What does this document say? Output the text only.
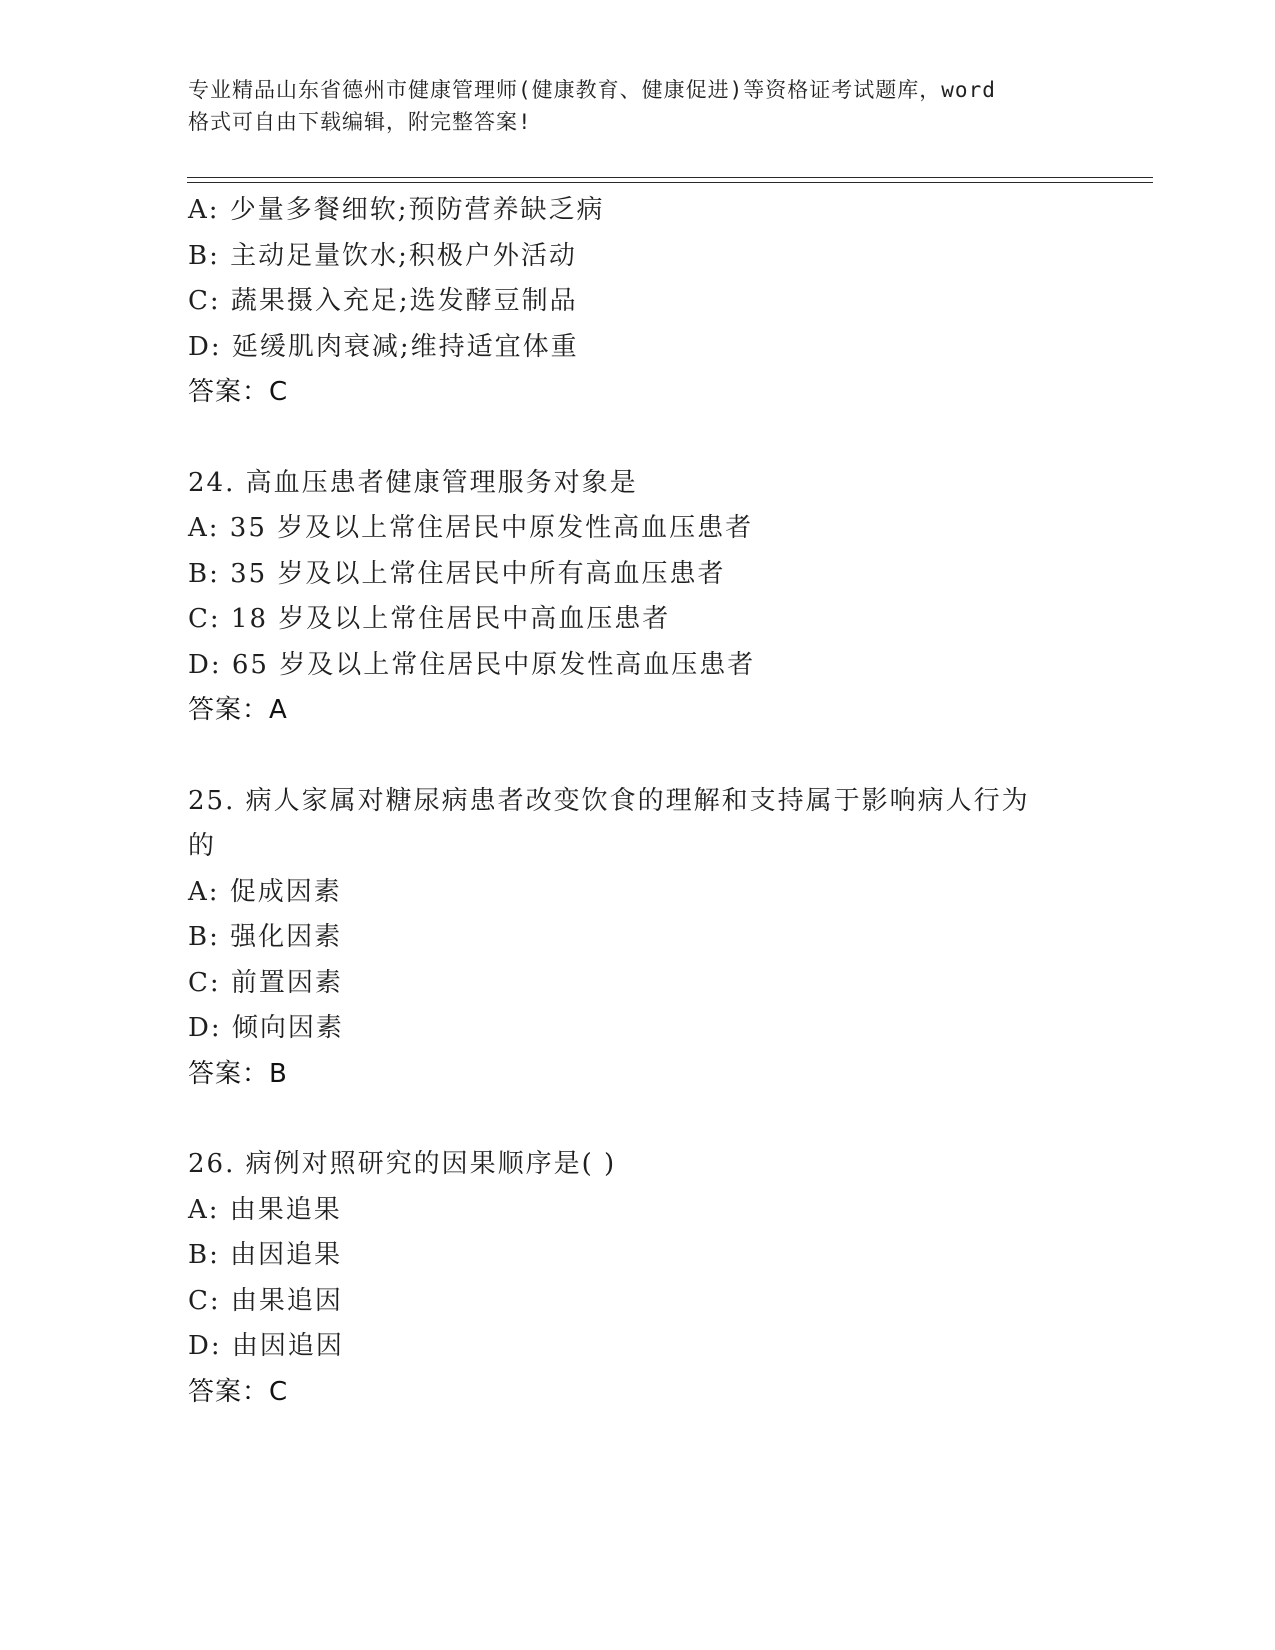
专业精品山东省德州市健康管理师(健康教育、健康促进)等资格证考试题库，word
格式可自由下载编辑，附完整答案!
A: 少量多餐细软;预防营养缺乏病
B: 主动足量饮水;积极户外活动
C: 蔬果摄入充足;选发酵豆制品
D: 延缓肌肉衰减;维持适宜体重
答案：C
24. 高血压患者健康管理服务对象是
A: 35 岁及以上常住居民中原发性高血压患者
B: 35 岁及以上常住居民中所有高血压患者
C: 18 岁及以上常住居民中高血压患者
D: 65 岁及以上常住居民中原发性高血压患者
答案：A
25. 病人家属对糖尿病患者改变饮食的理解和支持属于影响病人行为
的
A: 促成因素
B: 强化因素
C: 前置因素
D: 倾向因素
答案：B
26. 病例对照研究的因果顺序是( )
A: 由果追果
B: 由因追果
C: 由果追因
D: 由因追因
答案：C
